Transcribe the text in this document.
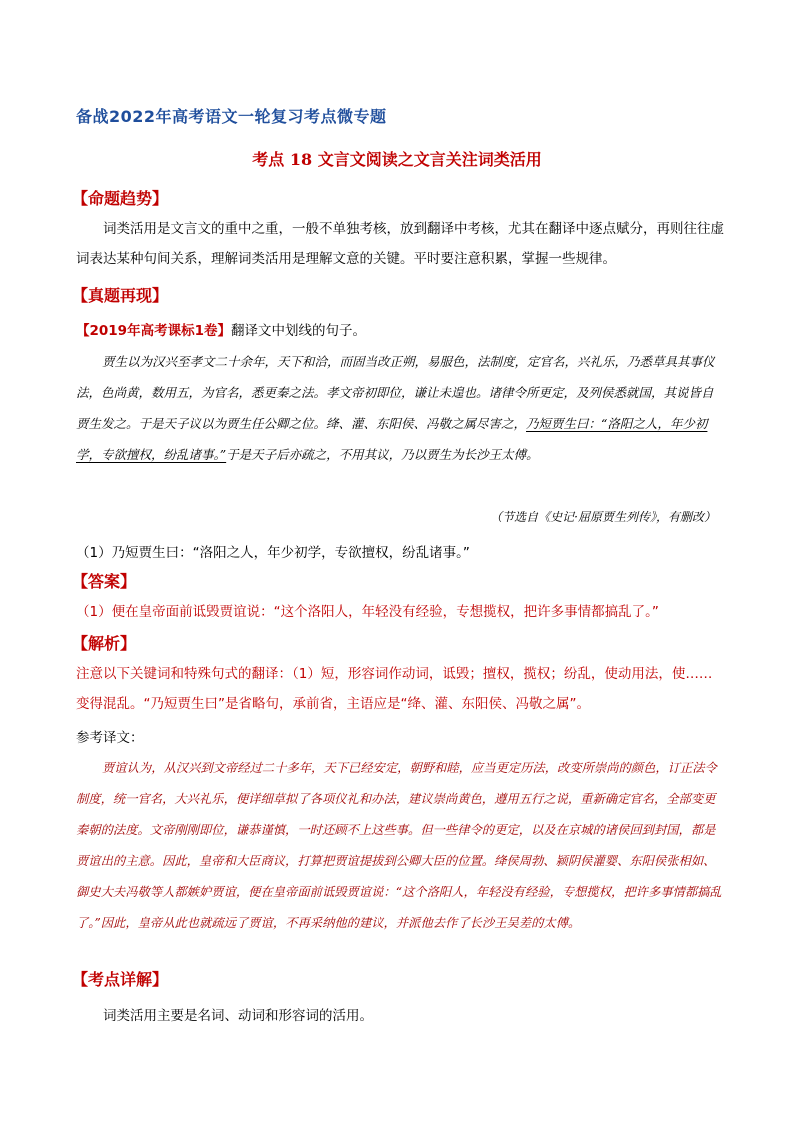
备战2022年高考语文一轮复习考点微专题
考点 18 文言文阅读之文言关注词类活用
【命题趋势】
词类活用是文言文的重中之重，一般不单独考核，放到翻译中考核，尤其在翻译中逐点赋分，再则往往虚词表达某种句间关系，理解词类活用是理解文意的关键。平时要注意积累，掌握一些规律。
【真题再现】
【2019年高考课标1卷】翻译文中划线的句子。
贾生以为汉兴至孝文二十余年，天下和洽，而固当改正朔，易服色，法制度，定官名，兴礼乐，乃悉草具其事仪法，色尚黄，数用五，为官名，悉更秦之法。孝文帝初即位，谦让未遑也。诸律令所更定，及列侯悉就国，其说皆自贾生发之。于是天子议以为贾生任公卿之位。绛、灌、东阳侯、冯敬之属尽害之，乃短贾生曰：“洛阳之人，年少初学，专欲擅权，纷乱诸事。”于是天子后亦疏之，不用其议，乃以贾生为长沙王太傅。
（节选自《史记·屈原贾生列传》，有删改）
（1）乃短贾生曰：“洛阳之人，年少初学，专欲擅权，纷乱诸事。”
【答案】
（1）便在皇帝面前诋毁贾谊说：“这个洛阳人，年轻没有经验，专想揽权，把许多事情都搞乱了。”
【解析】
注意以下关键词和特殊句式的翻译：（1）短，形容词作动词，诋毁；擅权，揽权；纷乱，使动用法，使……变得混乱。“乃短贾生曰”是省略句，承前省，主语应是“绛、灌、东阳侯、冯敬之属”。
参考译文：
贾谊认为，从汉兴到文帝经过二十多年，天下已经安定，朝野和睦，应当更定历法，改变所崇尚的颜色，订正法令制度，统一官名，大兴礼乐，便详细草拟了各项仪礼和办法，建议崇尚黄色，遵用五行之说，重新确定官名，全部变更秦朝的法度。文帝刚刚即位，谦恭谨慎，一时还顾不上这些事。但一些律令的更定，以及在京城的诸侯回到封国，都是贾谊出的主意。因此，皇帝和大臣商议，打算把贾谊提拔到公卿大臣的位置。绛侯周勃、颍阴侯灌婴、东阳侯张相如、御史大夫冯敬等人都嫉妒贾谊，便在皇帝面前诋毁贾谊说：“这个洛阳人，年轻没有经验，专想揽权，把许多事情都搞乱了。”因此，皇帝从此也就疏远了贾谊，不再采纳他的建议，并派他去作了长沙王吴差的太傅。
【考点详解】
词类活用主要是名词、动词和形容词的活用。
